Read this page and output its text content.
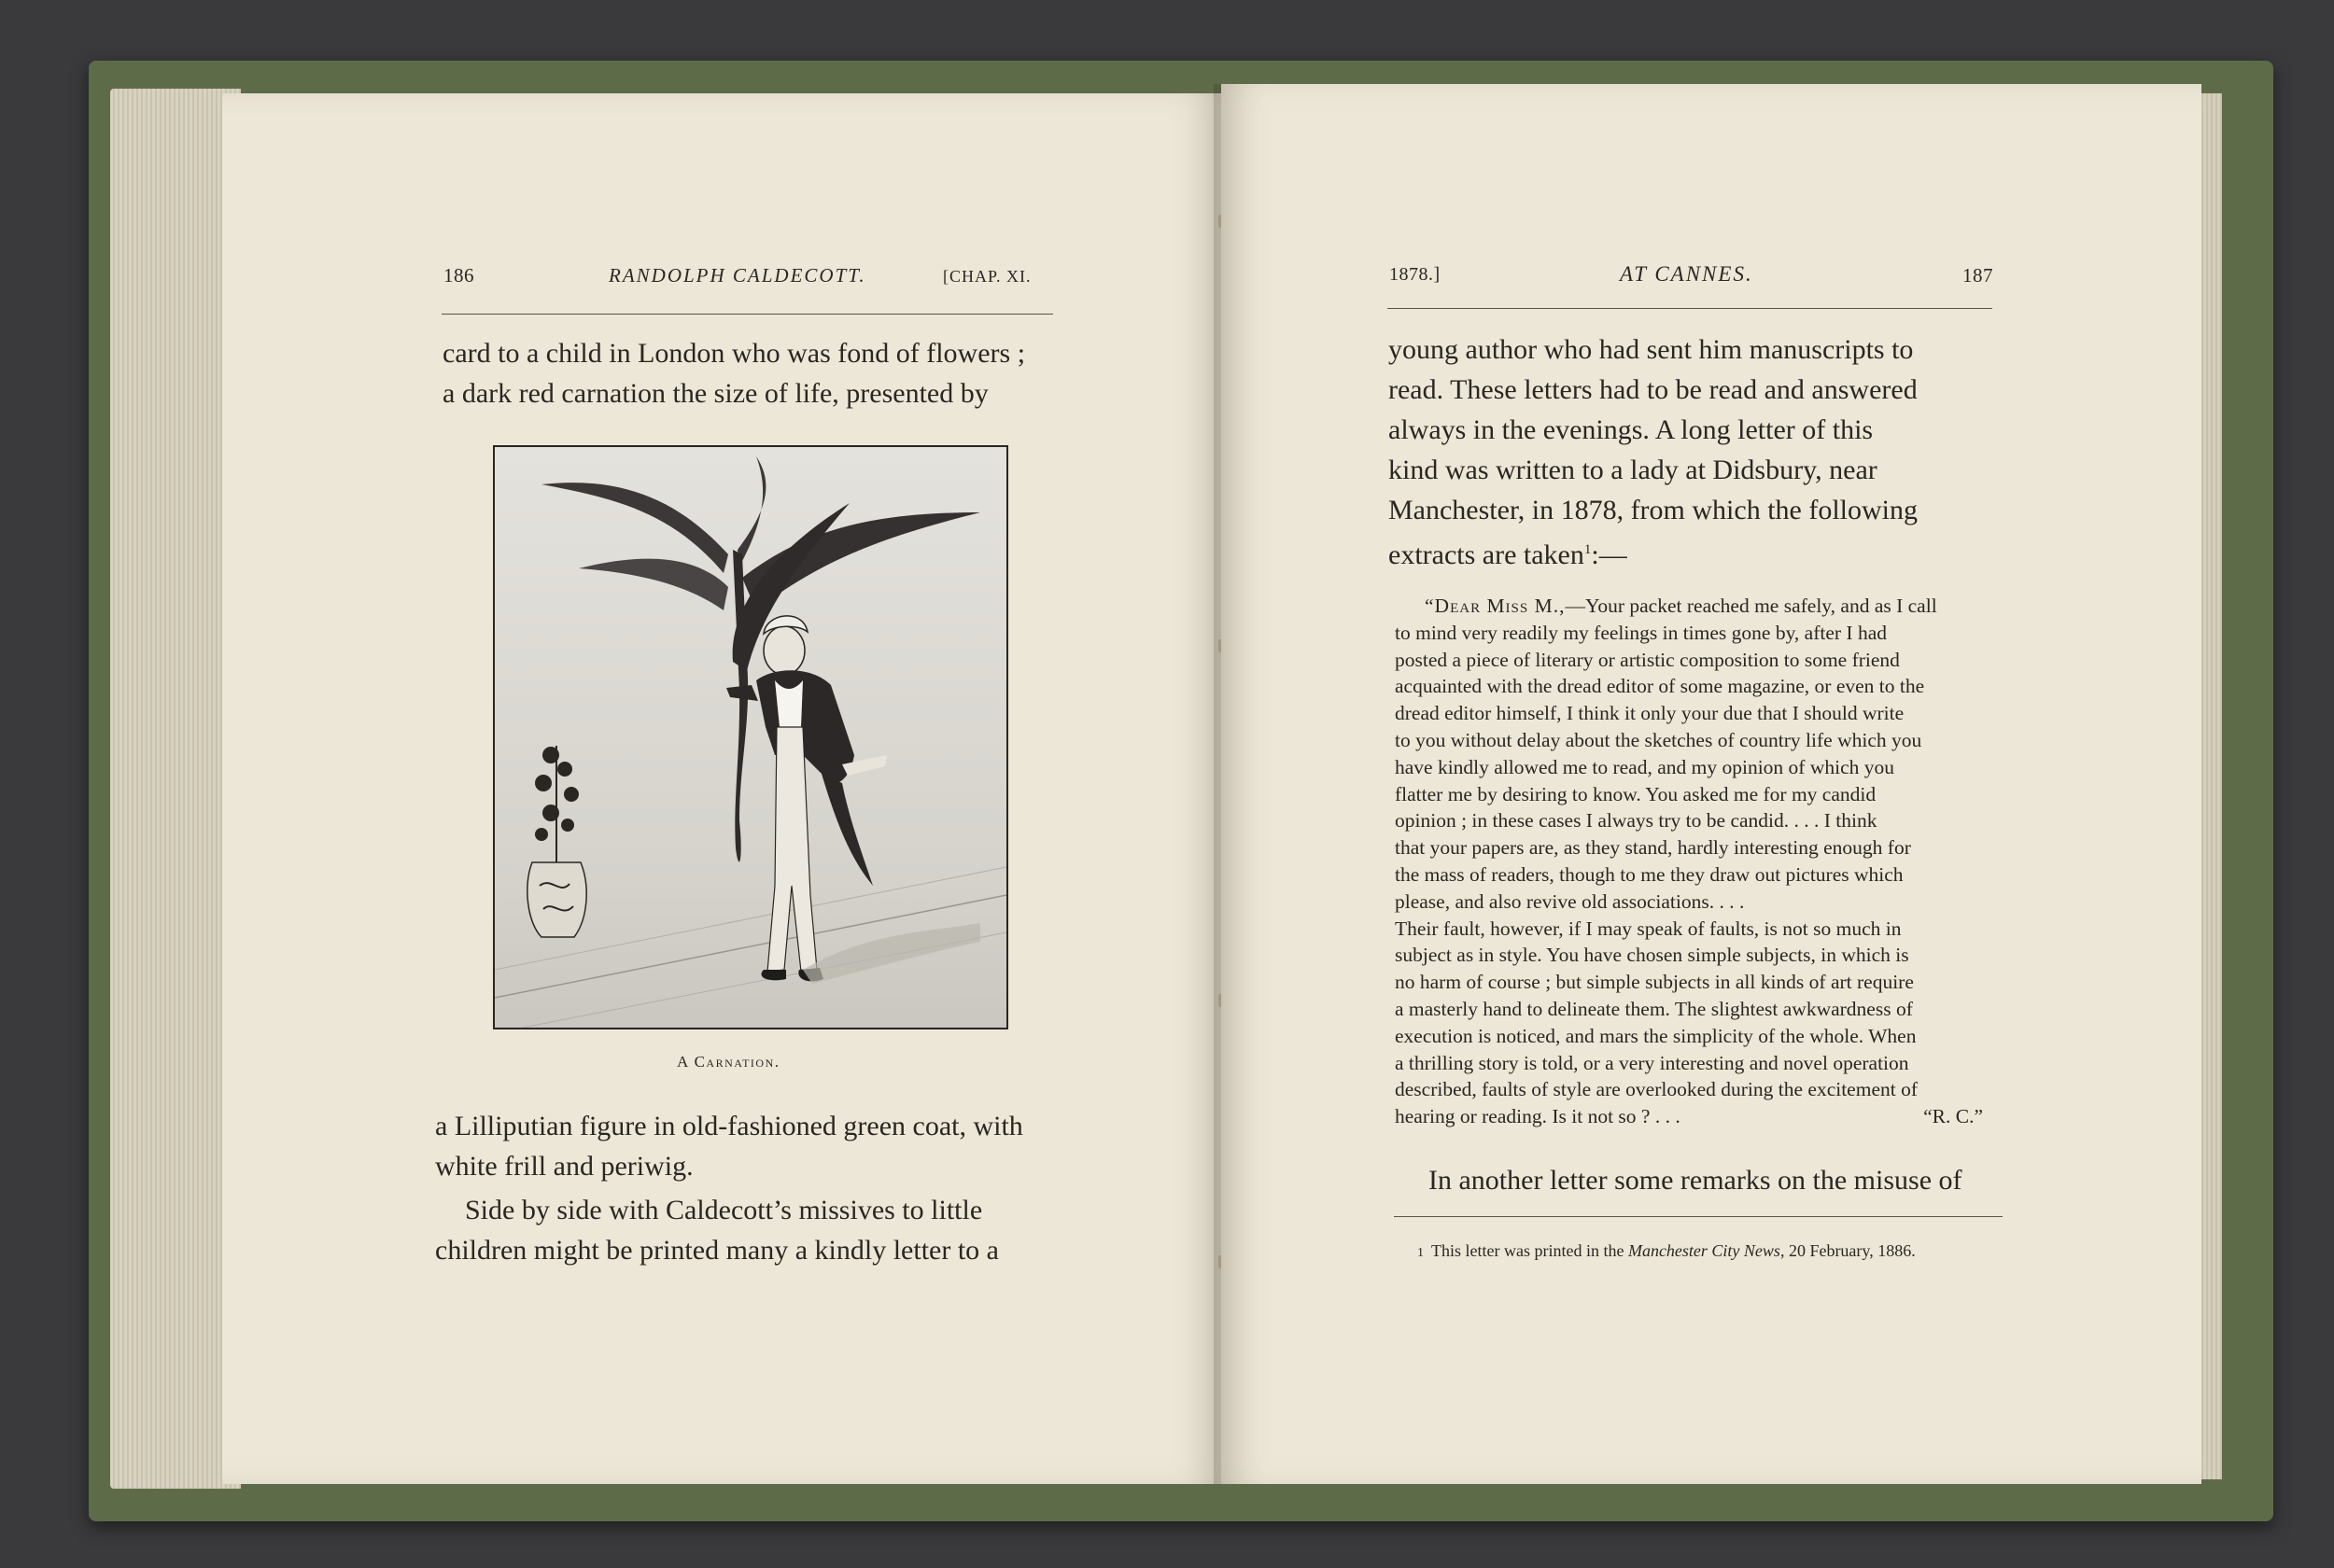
186	RANDOLPH CALDECOTT.	[CHAP. XI.

card to a child in London who was fond of flowers ;

a dark red carnation the size of life, presented by

A Carnation.

a Lilliputian figure in old-fashioned green coat, with

white frill and periwig.

Side by side with Caldecott’s missives to little

children might be printed many a kindly letter to a

1878.]	AT CANNES.	187

young author who had sent him manuscripts to

read. These letters had to be read and answered

always in the evenings. A long letter of this

kind was written to a lady at Didsbury, near

Manchester, in 1878, from which the following

extracts are taken$^1$:—

“Dear Miss M.,—Your packet reached me safely, and as I call

to mind very readily my feelings in times gone by, after I had

posted a piece of literary or artistic composition to some friend

acquainted with the dread editor of some magazine, or even to the

dread editor himself, I think it only your due that I should write

to you without delay about the sketches of country life which you

have kindly allowed me to read, and my opinion of which you

flatter me by desiring to know. You asked me for my candid

opinion ; in these cases I always try to be candid. . . . I think

that your papers are, as they stand, hardly interesting enough for

the mass of readers, though to me they draw out pictures which

please, and also revive old associations. . . .

Their fault, however, if I may speak of faults, is not so much in

subject as in style. You have chosen simple subjects, in which is

no harm of course ; but simple subjects in all kinds of art require

a masterly hand to delineate them. The slightest awkwardness of

execution is noticed, and mars the simplicity of the whole. When

a thrilling story is told, or a very interesting and novel operation

described, faults of style are overlooked during the excitement of

hearing or reading. Is it not so ? . . .	“R. C.”

In another letter some remarks on the misuse of

1 This letter was printed in the Manchester City News, 20 February, 1886.
